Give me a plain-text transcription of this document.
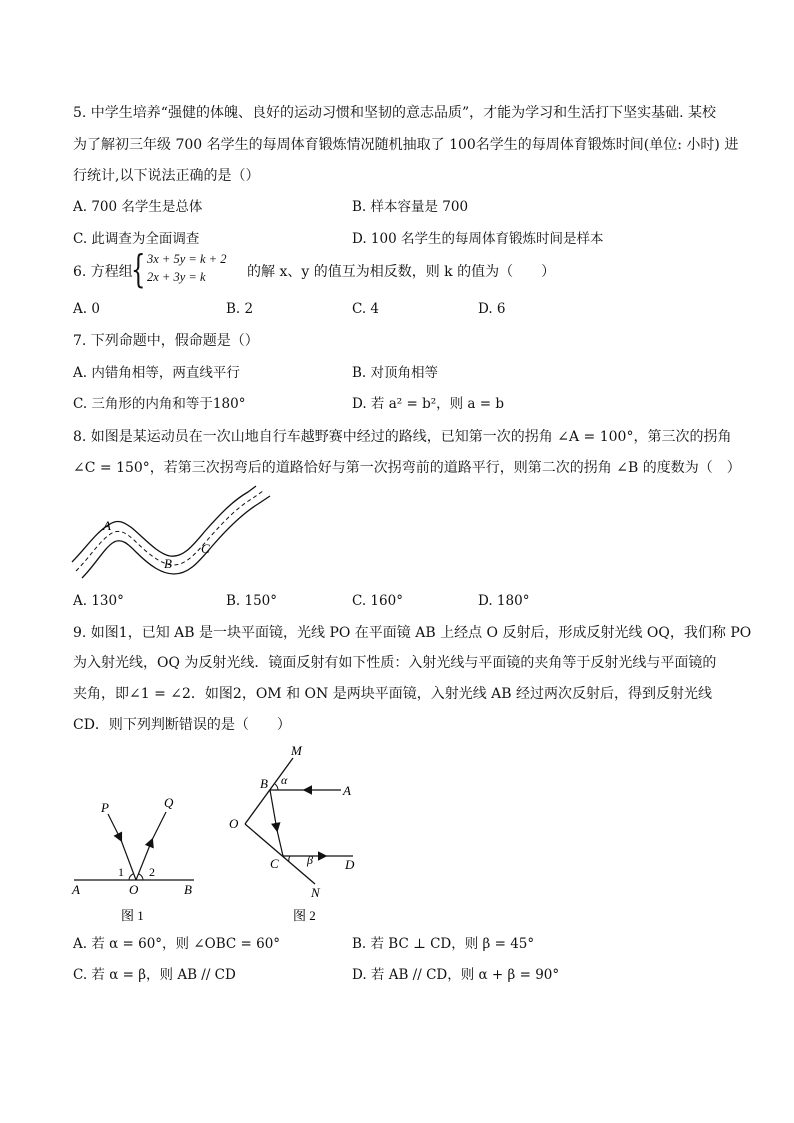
5. 中学生培养“强健的体魄、良好的运动习惯和坚韧的意志品质”，才能为学习和生活打下坚实基础. 某校
为了解初三年级 700 名学生的每周体育锻炼情况随机抽取了 100名学生的每周体育锻炼时间(单位: 小时) 进
行统计,以下说法正确的是（）
A. 700 名学生是总体	B. 样本容量是 700
C. 此调查为全面调查	D. 100 名学生的每周体育锻炼时间是样本
6. 方程组
{ 3x + 5y = k + 2
2x + 3y = k	的解 x、y 的值互为相反数，则 k 的值为（　　）
A. 0	B. 2	C. 4	D. 6
7. 下列命题中，假命题是（）
A. 内错角相等，两直线平行	B. 对顶角相等
C. 三角形的内角和等于180°	D. 若 a² = b²，则 a = b
8. 如图是某运动员在一次山地自行车越野赛中经过的路线，已知第一次的拐角 ∠A = 100°，第三次的拐角
∠C = 150°，若第三次拐弯后的道路恰好与第一次拐弯前的道路平行，则第二次的拐角 ∠B 的度数为（　）
A
B
C
A. 130°	B. 150°	C. 160°	D. 180°
9. 如图1，已知 AB 是一块平面镜，光线 PO 在平面镜 AB 上经点 O 反射后，形成反射光线 OQ，我们称 PO
为入射光线，OQ 为反射光线．镜面反射有如下性质：入射光线与平面镜的夹角等于反射光线与平面镜的
夹角，即∠1 = ∠2．如图2，OM 和 ON 是两块平面镜，入射光线 AB 经过两次反射后，得到反射光线
CD．则下列判断错误的是（　　）
P	Q
1 2
A	O	B
图 1
M
B α
A
O
C β D
N
图 2
A. 若 α = 60°，则 ∠OBC = 60°	B. 若 BC ⊥ CD，则 β = 45°
C. 若 α = β，则 AB // CD	D. 若 AB // CD，则 α + β = 90°
